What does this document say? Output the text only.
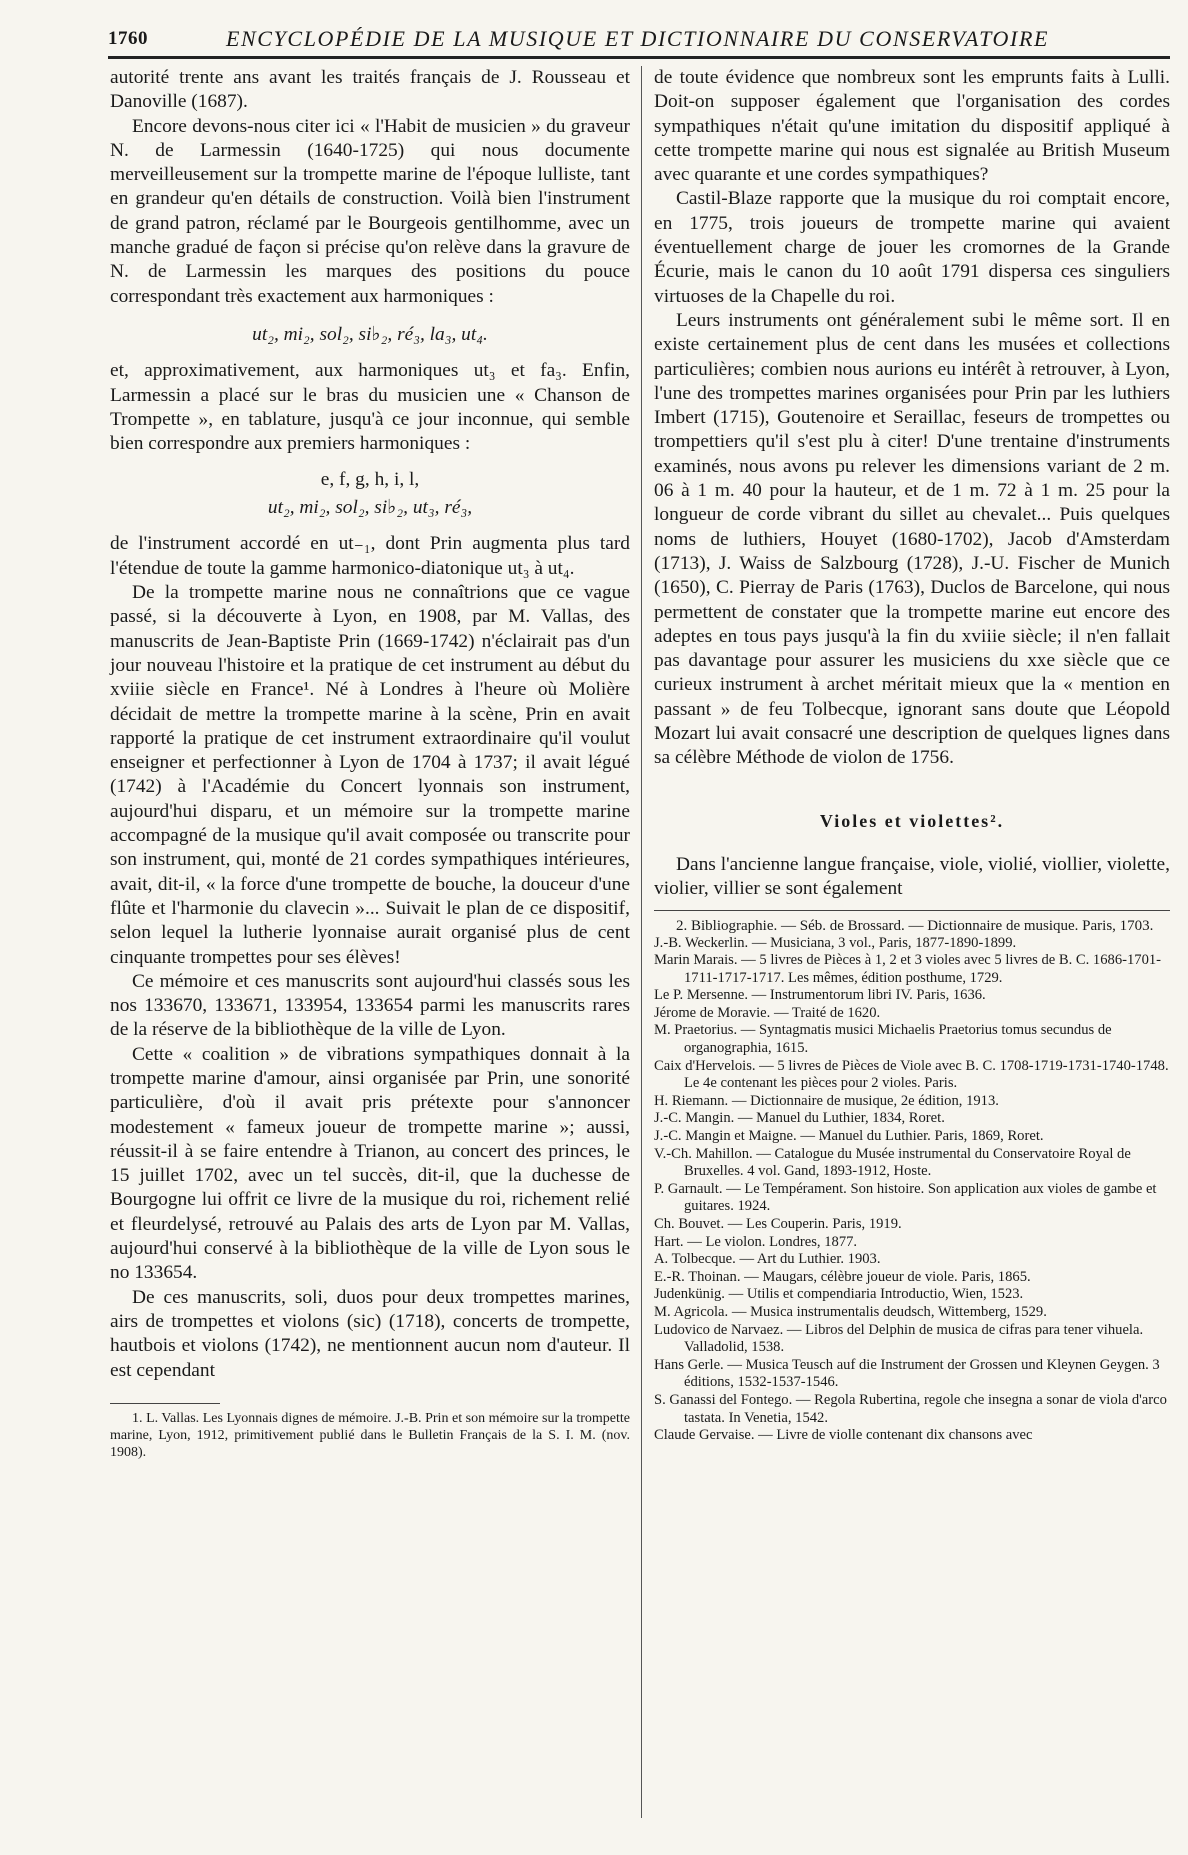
1760	ENCYCLOPÉDIE DE LA MUSIQUE ET DICTIONNAIRE DU CONSERVATOIRE

autorité trente ans avant les traités français de J. Rousseau et Danoville (1687).

Encore devons-nous citer ici « l'Habit de musicien » du graveur N. de Larmessin (1640-1725) qui nous documente merveilleusement sur la trompette marine de l'époque lulliste, tant en grandeur qu'en détails de construction. Voilà bien l'instrument de grand patron, réclamé par le Bourgeois gentilhomme, avec un manche gradué de façon si précise qu'on relève dans la gravure de N. de Larmessin les marques des positions du pouce correspondant très exactement aux harmoniques :

ut₂, mi₂, sol₂, si♭₂, ré₃, la₃, ut₄.

et, approximativement, aux harmoniques ut₃ et fa₃. Enfin, Larmessin a placé sur le bras du musicien une « Chanson de Trompette », en tablature, jusqu'à ce jour inconnue, qui semble bien correspondre aux premiers harmoniques :

e, f, g, h, i, l,
ut₂, mi₂, sol₂, si♭₂, ut₃, ré₃,

de l'instrument accordé en ut₋₁, dont Prin augmenta plus tard l'étendue de toute la gamme harmonico-diatonique ut₃ à ut₄.

De la trompette marine nous ne connaîtrions que ce vague passé, si la découverte à Lyon, en 1908, par M. Vallas, des manuscrits de Jean-Baptiste Prin (1669-1742) n'éclairait pas d'un jour nouveau l'histoire et la pratique de cet instrument au début du xviiie siècle en France¹. Né à Londres à l'heure où Molière décidait de mettre la trompette marine à la scène, Prin en avait rapporté la pratique de cet instrument extraordinaire qu'il voulut enseigner et perfectionner à Lyon de 1704 à 1737; il avait légué (1742) à l'Académie du Concert lyonnais son instrument, aujourd'hui disparu, et un mémoire sur la trompette marine accompagné de la musique qu'il avait composée ou transcrite pour son instrument, qui, monté de 21 cordes sympathiques intérieures, avait, dit-il, « la force d'une trompette de bouche, la douceur d'une flûte et l'harmonie du clavecin »... Suivait le plan de ce dispositif, selon lequel la lutherie lyonnaise aurait organisé plus de cent cinquante trompettes pour ses élèves!

Ce mémoire et ces manuscrits sont aujourd'hui classés sous les nos 133670, 133671, 133954, 133654 parmi les manuscrits rares de la réserve de la bibliothèque de la ville de Lyon.

Cette « coalition » de vibrations sympathiques donnait à la trompette marine d'amour, ainsi organisée par Prin, une sonorité particulière, d'où il avait pris prétexte pour s'annoncer modestement « fameux joueur de trompette marine »; aussi, réussit-il à se faire entendre à Trianon, au concert des princes, le 15 juillet 1702, avec un tel succès, dit-il, que la duchesse de Bourgogne lui offrit ce livre de la musique du roi, richement relié et fleurdelysé, retrouvé au Palais des arts de Lyon par M. Vallas, aujourd'hui conservé à la bibliothèque de la ville de Lyon sous le no 133654.

De ces manuscrits, soli, duos pour deux trompettes marines, airs de trompettes et violons (sic) (1718), concerts de trompette, hautbois et violons (1742), ne mentionnent aucun nom d'auteur. Il est cependant

1. L. Vallas. Les Lyonnais dignes de mémoire. J.-B. Prin et son mémoire sur la trompette marine, Lyon, 1912, primitivement publié dans le Bulletin Français de la S. I. M. (nov. 1908).

de toute évidence que nombreux sont les emprunts faits à Lulli. Doit-on supposer également que l'organisation des cordes sympathiques n'était qu'une imitation du dispositif appliqué à cette trompette marine qui nous est signalée au British Museum avec quarante et une cordes sympathiques?

Castil-Blaze rapporte que la musique du roi comptait encore, en 1775, trois joueurs de trompette marine qui avaient éventuellement charge de jouer les cromornes de la Grande Écurie, mais le canon du 10 août 1791 dispersa ces singuliers virtuoses de la Chapelle du roi.

Leurs instruments ont généralement subi le même sort. Il en existe certainement plus de cent dans les musées et collections particulières; combien nous aurions eu intérêt à retrouver, à Lyon, l'une des trompettes marines organisées pour Prin par les luthiers Imbert (1715), Goutenoire et Seraillac, feseurs de trompettes ou trompettiers qu'il s'est plu à citer! D'une trentaine d'instruments examinés, nous avons pu relever les dimensions variant de 2 m. 06 à 1 m. 40 pour la hauteur, et de 1 m. 72 à 1 m. 25 pour la longueur de corde vibrant du sillet au chevalet... Puis quelques noms de luthiers, Houyet (1680-1702), Jacob d'Amsterdam (1713), J. Waiss de Salzbourg (1728), J.-U. Fischer de Munich (1650), C. Pierray de Paris (1763), Duclos de Barcelone, qui nous permettent de constater que la trompette marine eut encore des adeptes en tous pays jusqu'à la fin du xviiie siècle; il n'en fallait pas davantage pour assurer les musiciens du xxe siècle que ce curieux instrument à archet méritait mieux que la « mention en passant » de feu Tolbecque, ignorant sans doute que Léopold Mozart lui avait consacré une description de quelques lignes dans sa célèbre Méthode de violon de 1756.

Violes et violettes².

Dans l'ancienne langue française, viole, violié, viollier, violette, violier, villier se sont également

2. Bibliographie. — Séb. de Brossard. — Dictionnaire de musique. Paris, 1703.

J.-B. Weckerlin. — Musiciana, 3 vol., Paris, 1877-1890-1899.

Marin Marais. — 5 livres de Pièces à 1, 2 et 3 violes avec 5 livres de B. C. 1686-1701-1711-1717-1717. Les mêmes, édition posthume, 1729.

Le P. Mersenne. — Instrumentorum libri IV. Paris, 1636.

Jérome de Moravie. — Traité de 1620.

M. Praetorius. — Syntagmatis musici Michaelis Praetorius tomus secundus de organographia, 1615.

Caix d'Hervelois. — 5 livres de Pièces de Viole avec B. C. 1708-1719-1731-1740-1748. Le 4e contenant les pièces pour 2 violes. Paris.

H. Riemann. — Dictionnaire de musique, 2e édition, 1913.

J.-C. Mangin. — Manuel du Luthier, 1834, Roret.

J.-C. Mangin et Maigne. — Manuel du Luthier. Paris, 1869, Roret.

V.-Ch. Mahillon. — Catalogue du Musée instrumental du Conservatoire Royal de Bruxelles. 4 vol. Gand, 1893-1912, Hoste.

P. Garnault. — Le Tempérament. Son histoire. Son application aux violes de gambe et guitares. 1924.

Ch. Bouvet. — Les Couperin. Paris, 1919.

Hart. — Le violon. Londres, 1877.

A. Tolbecque. — Art du Luthier. 1903.

E.-R. Thoinan. — Maugars, célèbre joueur de viole. Paris, 1865.

Judenkünig. — Utilis et compendiaria Introductio, Wien, 1523.

M. Agricola. — Musica instrumentalis deudsch, Wittemberg, 1529.

Ludovico de Narvaez. — Libros del Delphin de musica de cifras para tener vihuela. Valladolid, 1538.

Hans Gerle. — Musica Teusch auf die Instrument der Grossen und Kleynen Geygen. 3 éditions, 1532-1537-1546.

S. Ganassi del Fontego. — Regola Rubertina, regole che insegna a sonar de viola d'arco tastata. In Venetia, 1542.

Claude Gervaise. — Livre de violle contenant dix chansons avec
